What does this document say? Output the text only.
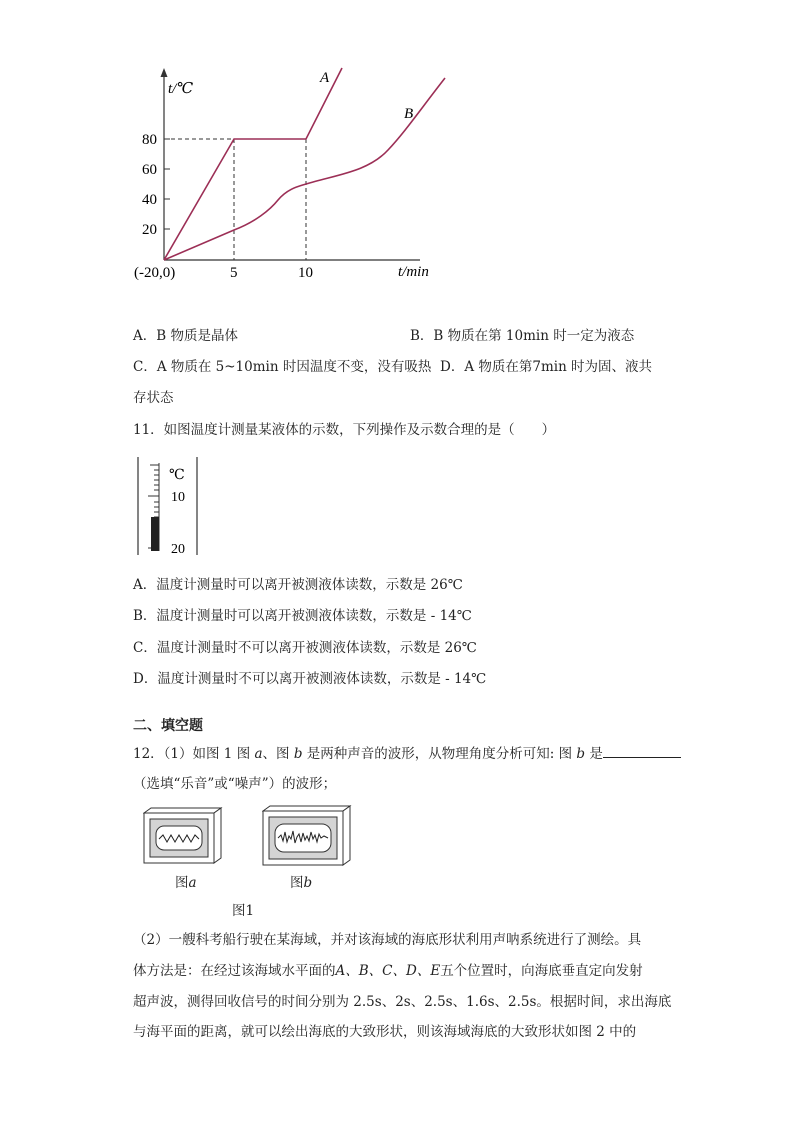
t/℃
80
60
40
20
(-20,0)	5	10	t/min
A
B
A．B 物质是晶体	B．B 物质在第 10min 时一定为液态
C．A 物质在 5~10min 时因温度不变，没有吸热 D．A 物质在第7min 时为固、液共
存状态
11．如图温度计测量某液体的示数，下列操作及示数合理的是（　　）
℃
10
20
A．温度计测量时可以离开被测液体读数，示数是 26℃
B．温度计测量时可以离开被测液体读数，示数是 - 14℃
C．温度计测量时不可以离开被测液体读数，示数是 26℃
D．温度计测量时不可以离开被测液体读数，示数是 - 14℃
二、填空题
12．（1）如图 1 图 a、图 b 是两种声音的波形，从物理角度分析可知: 图 b 是
（选填“乐音”或“噪声”）的波形；
图a	图b
图1
（2）一艘科考船行驶在某海域，并对该海域的海底形状利用声呐系统进行了测绘。具
体方法是：在经过该海域水平面的A、B、C、D、E五个位置时，向海底垂直定向发射
超声波，测得回收信号的时间分别为 2.5s、2s、2.5s、1.6s、2.5s。根据时间，求出海底
与海平面的距离，就可以绘出海底的大致形状，则该海域海底的大致形状如图 2 中的
